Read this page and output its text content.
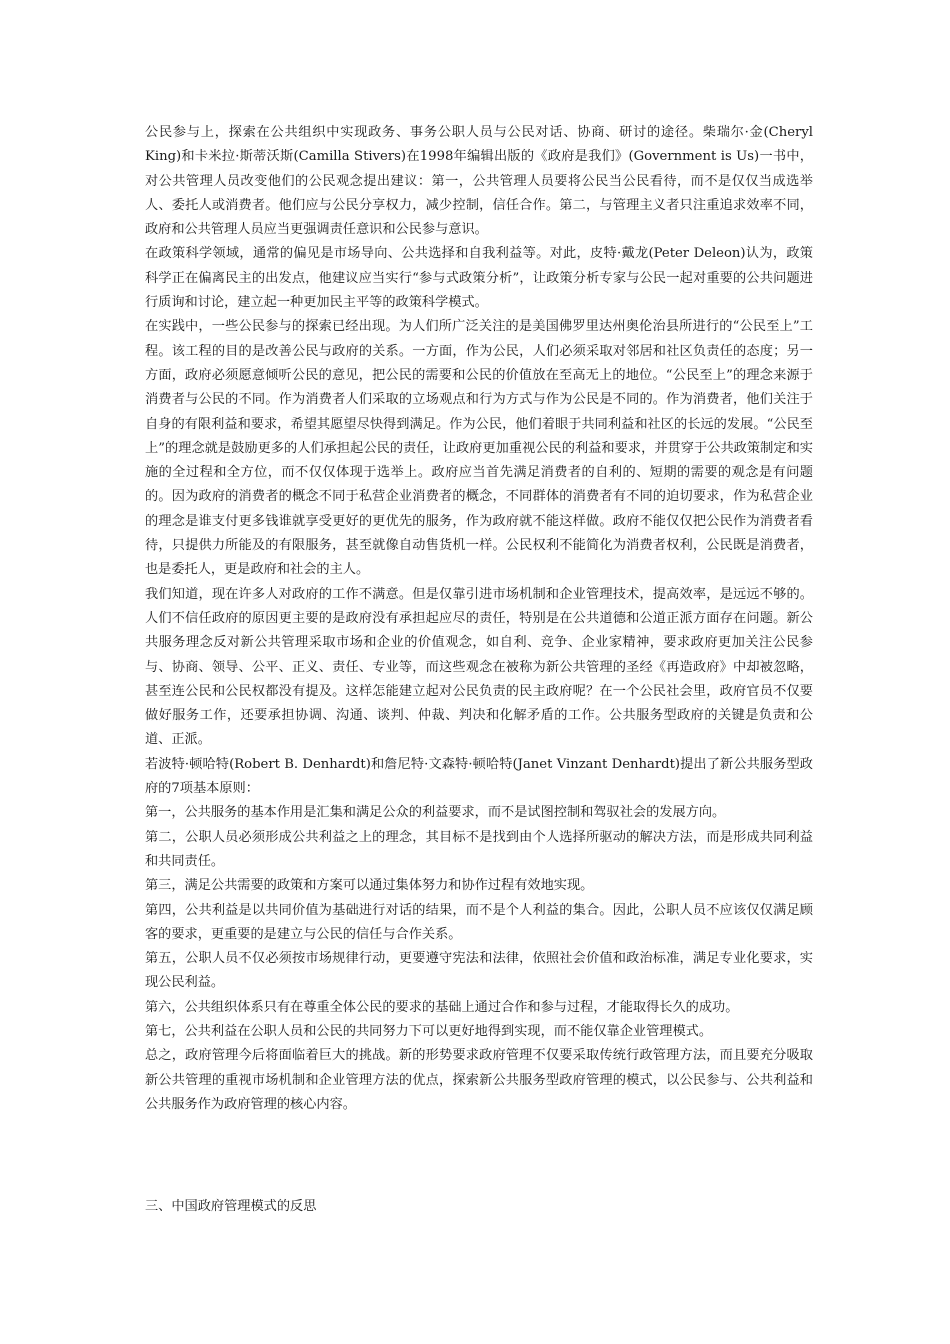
公民参与上，探索在公共组织中实现政务、事务公职人员与公民对话、协商、研讨的途径。柴瑞尔·金(Cheryl King)和卡米拉·斯蒂沃斯(Camilla Stivers)在1998年编辑出版的《政府是我们》(Government is Us)一书中，对公共管理人员改变他们的公民观念提出建议：第一，公共管理人员要将公民当公民看待，而不是仅仅当成选举人、委托人或消费者。他们应与公民分享权力，减少控制，信任合作。第二，与管理主义者只注重追求效率不同，政府和公共管理人员应当更强调责任意识和公民参与意识。

在政策科学领域，通常的偏见是市场导向、公共选择和自我利益等。对此，皮特·戴龙(Peter Deleon)认为，政策科学正在偏离民主的出发点，他建议应当实行“参与式政策分析”，让政策分析专家与公民一起对重要的公共问题进行质询和讨论，建立起一种更加民主平等的政策科学模式。

在实践中，一些公民参与的探索已经出现。为人们所广泛关注的是美国佛罗里达州奥伦治县所进行的“公民至上”工程。该工程的目的是改善公民与政府的关系。一方面，作为公民，人们必须采取对邻居和社区负责任的态度；另一方面，政府必须愿意倾听公民的意见，把公民的需要和公民的价值放在至高无上的地位。“公民至上”的理念来源于消费者与公民的不同。作为消费者人们采取的立场观点和行为方式与作为公民是不同的。作为消费者，他们关注于自身的有限利益和要求，希望其愿望尽快得到满足。作为公民，他们着眼于共同利益和社区的长远的发展。“公民至上”的理念就是鼓励更多的人们承担起公民的责任，让政府更加重视公民的利益和要求，并贯穿于公共政策制定和实施的全过程和全方位，而不仅仅体现于选举上。政府应当首先满足消费者的自利的、短期的需要的观念是有问题的。因为政府的消费者的概念不同于私营企业消费者的概念，不同群体的消费者有不同的迫切要求，作为私营企业的理念是谁支付更多钱谁就享受更好的更优先的服务，作为政府就不能这样做。政府不能仅仅把公民作为消费者看待，只提供力所能及的有限服务，甚至就像自动售货机一样。公民权利不能简化为消费者权利，公民既是消费者，也是委托人，更是政府和社会的主人。

我们知道，现在许多人对政府的工作不满意。但是仅靠引进市场机制和企业管理技术，提高效率，是远远不够的。人们不信任政府的原因更主要的是政府没有承担起应尽的责任，特别是在公共道德和公道正派方面存在问题。新公共服务理念反对新公共管理采取市场和企业的价值观念，如自利、竞争、企业家精神，要求政府更加关注公民参与、协商、领导、公平、正义、责任、专业等，而这些观念在被称为新公共管理的圣经《再造政府》中却被忽略，甚至连公民和公民权都没有提及。这样怎能建立起对公民负责的民主政府呢？在一个公民社会里，政府官员不仅要做好服务工作，还要承担协调、沟通、谈判、仲裁、判决和化解矛盾的工作。公共服务型政府的关键是负责和公道、正派。

若波特·顿哈特(Robert B. Denhardt)和詹尼特·文森特·顿哈特(Janet Vinzant Denhardt)提出了新公共服务型政府的7项基本原则：

第一，公共服务的基本作用是汇集和满足公众的利益要求，而不是试图控制和驾驭社会的发展方向。

第二，公职人员必须形成公共利益之上的理念，其目标不是找到由个人选择所驱动的解决方法，而是形成共同利益和共同责任。

第三，满足公共需要的政策和方案可以通过集体努力和协作过程有效地实现。

第四，公共利益是以共同价值为基础进行对话的结果，而不是个人利益的集合。因此，公职人员不应该仅仅满足顾客的要求，更重要的是建立与公民的信任与合作关系。

第五，公职人员不仅必须按市场规律行动，更要遵守宪法和法律，依照社会价值和政治标准，满足专业化要求，实现公民利益。

第六，公共组织体系只有在尊重全体公民的要求的基础上通过合作和参与过程，才能取得长久的成功。

第七，公共利益在公职人员和公民的共同努力下可以更好地得到实现，而不能仅靠企业管理模式。

总之，政府管理今后将面临着巨大的挑战。新的形势要求政府管理不仅要采取传统行政管理方法，而且要充分吸取新公共管理的重视市场机制和企业管理方法的优点，探索新公共服务型政府管理的模式，以公民参与、公共利益和公共服务作为政府管理的核心内容。

三、中国政府管理模式的反思
